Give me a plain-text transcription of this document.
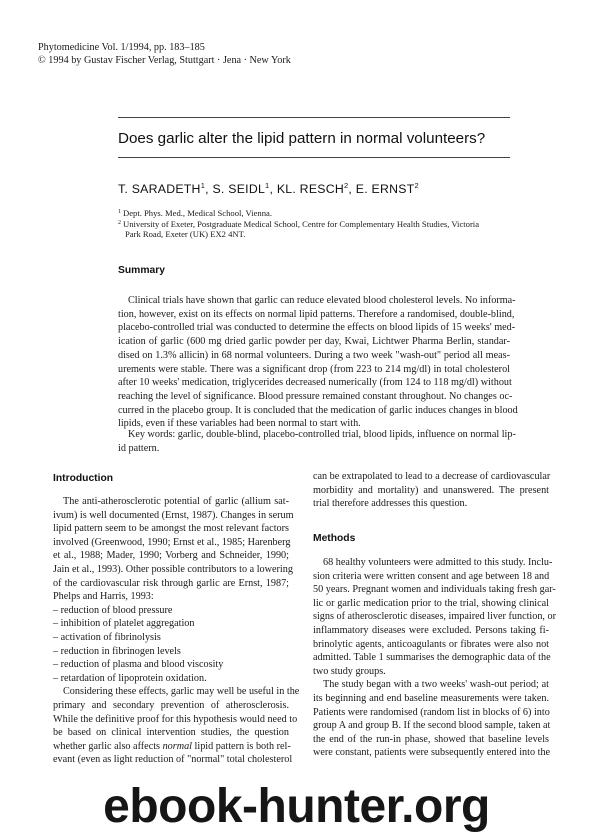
Phytomedicine Vol. 1/1994, pp. 183–185
© 1994 by Gustav Fischer Verlag, Stuttgart · Jena · New York
Does garlic alter the lipid pattern in normal volunteers?
T. SARADETH$^1$, S. SEIDL$^1$, KL. RESCH$^2$, E. ERNST$^2$
$^1$ Dept. Phys. Med., Medical School, Vienna.
$^2$ University of Exeter, Postgraduate Medical School, Centre for Complementary Health Studies, Victoria
Park Road, Exeter (UK) EX2 4NT.
Summary
Clinical trials have shown that garlic can reduce elevated blood cholesterol levels. No informa-
tion, however, exist on its effects on normal lipid patterns. Therefore a randomised, double-blind,
placebo-controlled trial was conducted to determine the effects on blood lipids of 15 weeks' med-
ication of garlic (600 mg dried garlic powder per day, Kwai, Lichtwer Pharma Berlin, standar-
dised on 1.3% allicin) in 68 normal volunteers. During a two week "wash-out" period all meas-
urements were stable. There was a significant drop (from 223 to 214 mg/dl) in total cholesterol
after 10 weeks' medication, triglycerides decreased numerically (from 124 to 118 mg/dl) without
reaching the level of significance. Blood pressure remained constant throughout. No changes oc-
curred in the placebo group. It is concluded that the medication of garlic induces changes in blood
lipids, even if these variables had been normal to start with.
Key words: garlic, double-blind, placebo-controlled trial, blood lipids, influence on normal lip-
id pattern.
Introduction
The anti-atherosclerotic potential of garlic (allium sat-
ivum) is well documented (Ernst, 1987). Changes in serum
lipid pattern seem to be amongst the most relevant factors
involved (Greenwood, 1990; Ernst et al., 1985; Harenberg
et al., 1988; Mader, 1990; Vorberg and Schneider, 1990;
Jain et al., 1993). Other possible contributors to a lowering
of the cardiovascular risk through garlic are Ernst, 1987;
Phelps and Harris, 1993:
– reduction of blood pressure
– inhibition of platelet aggregation
– activation of fibrinolysis
– reduction in fibrinogen levels
– reduction of plasma and blood viscosity
– retardation of lipoprotein oxidation.
Considering these effects, garlic may well be useful in the
primary and secondary prevention of atherosclerosis.
While the definitive proof for this hypothesis would need to
be based on clinical intervention studies, the question
whether garlic also affects normal lipid pattern is both rel-
evant (even as light reduction of "normal" total cholesterol
can be extrapolated to lead to a decrease of cardiovascular
morbidity and mortality) and unanswered. The present
trial therefore addresses this question.
Methods
68 healthy volunteers were admitted to this study. Inclu-
sion criteria were written consent and age between 18 and
50 years. Pregnant women and individuals taking fresh gar-
lic or garlic medication prior to the trial, showing clinical
signs of atherosclerotic diseases, impaired liver function, or
inflammatory diseases were excluded. Persons taking fi-
brinolytic agents, anticoagulants or fibrates were also not
admitted. Table 1 summarises the demographic data of the
two study groups.
The study began with a two weeks' wash-out period; at
its beginning and end baseline measurements were taken.
Patients were randomised (random list in blocks of 6) into
group A and group B. If the second blood sample, taken at
the end of the run-in phase, showed that baseline levels
were constant, patients were subsequently entered into the
ebook-hunter.org
